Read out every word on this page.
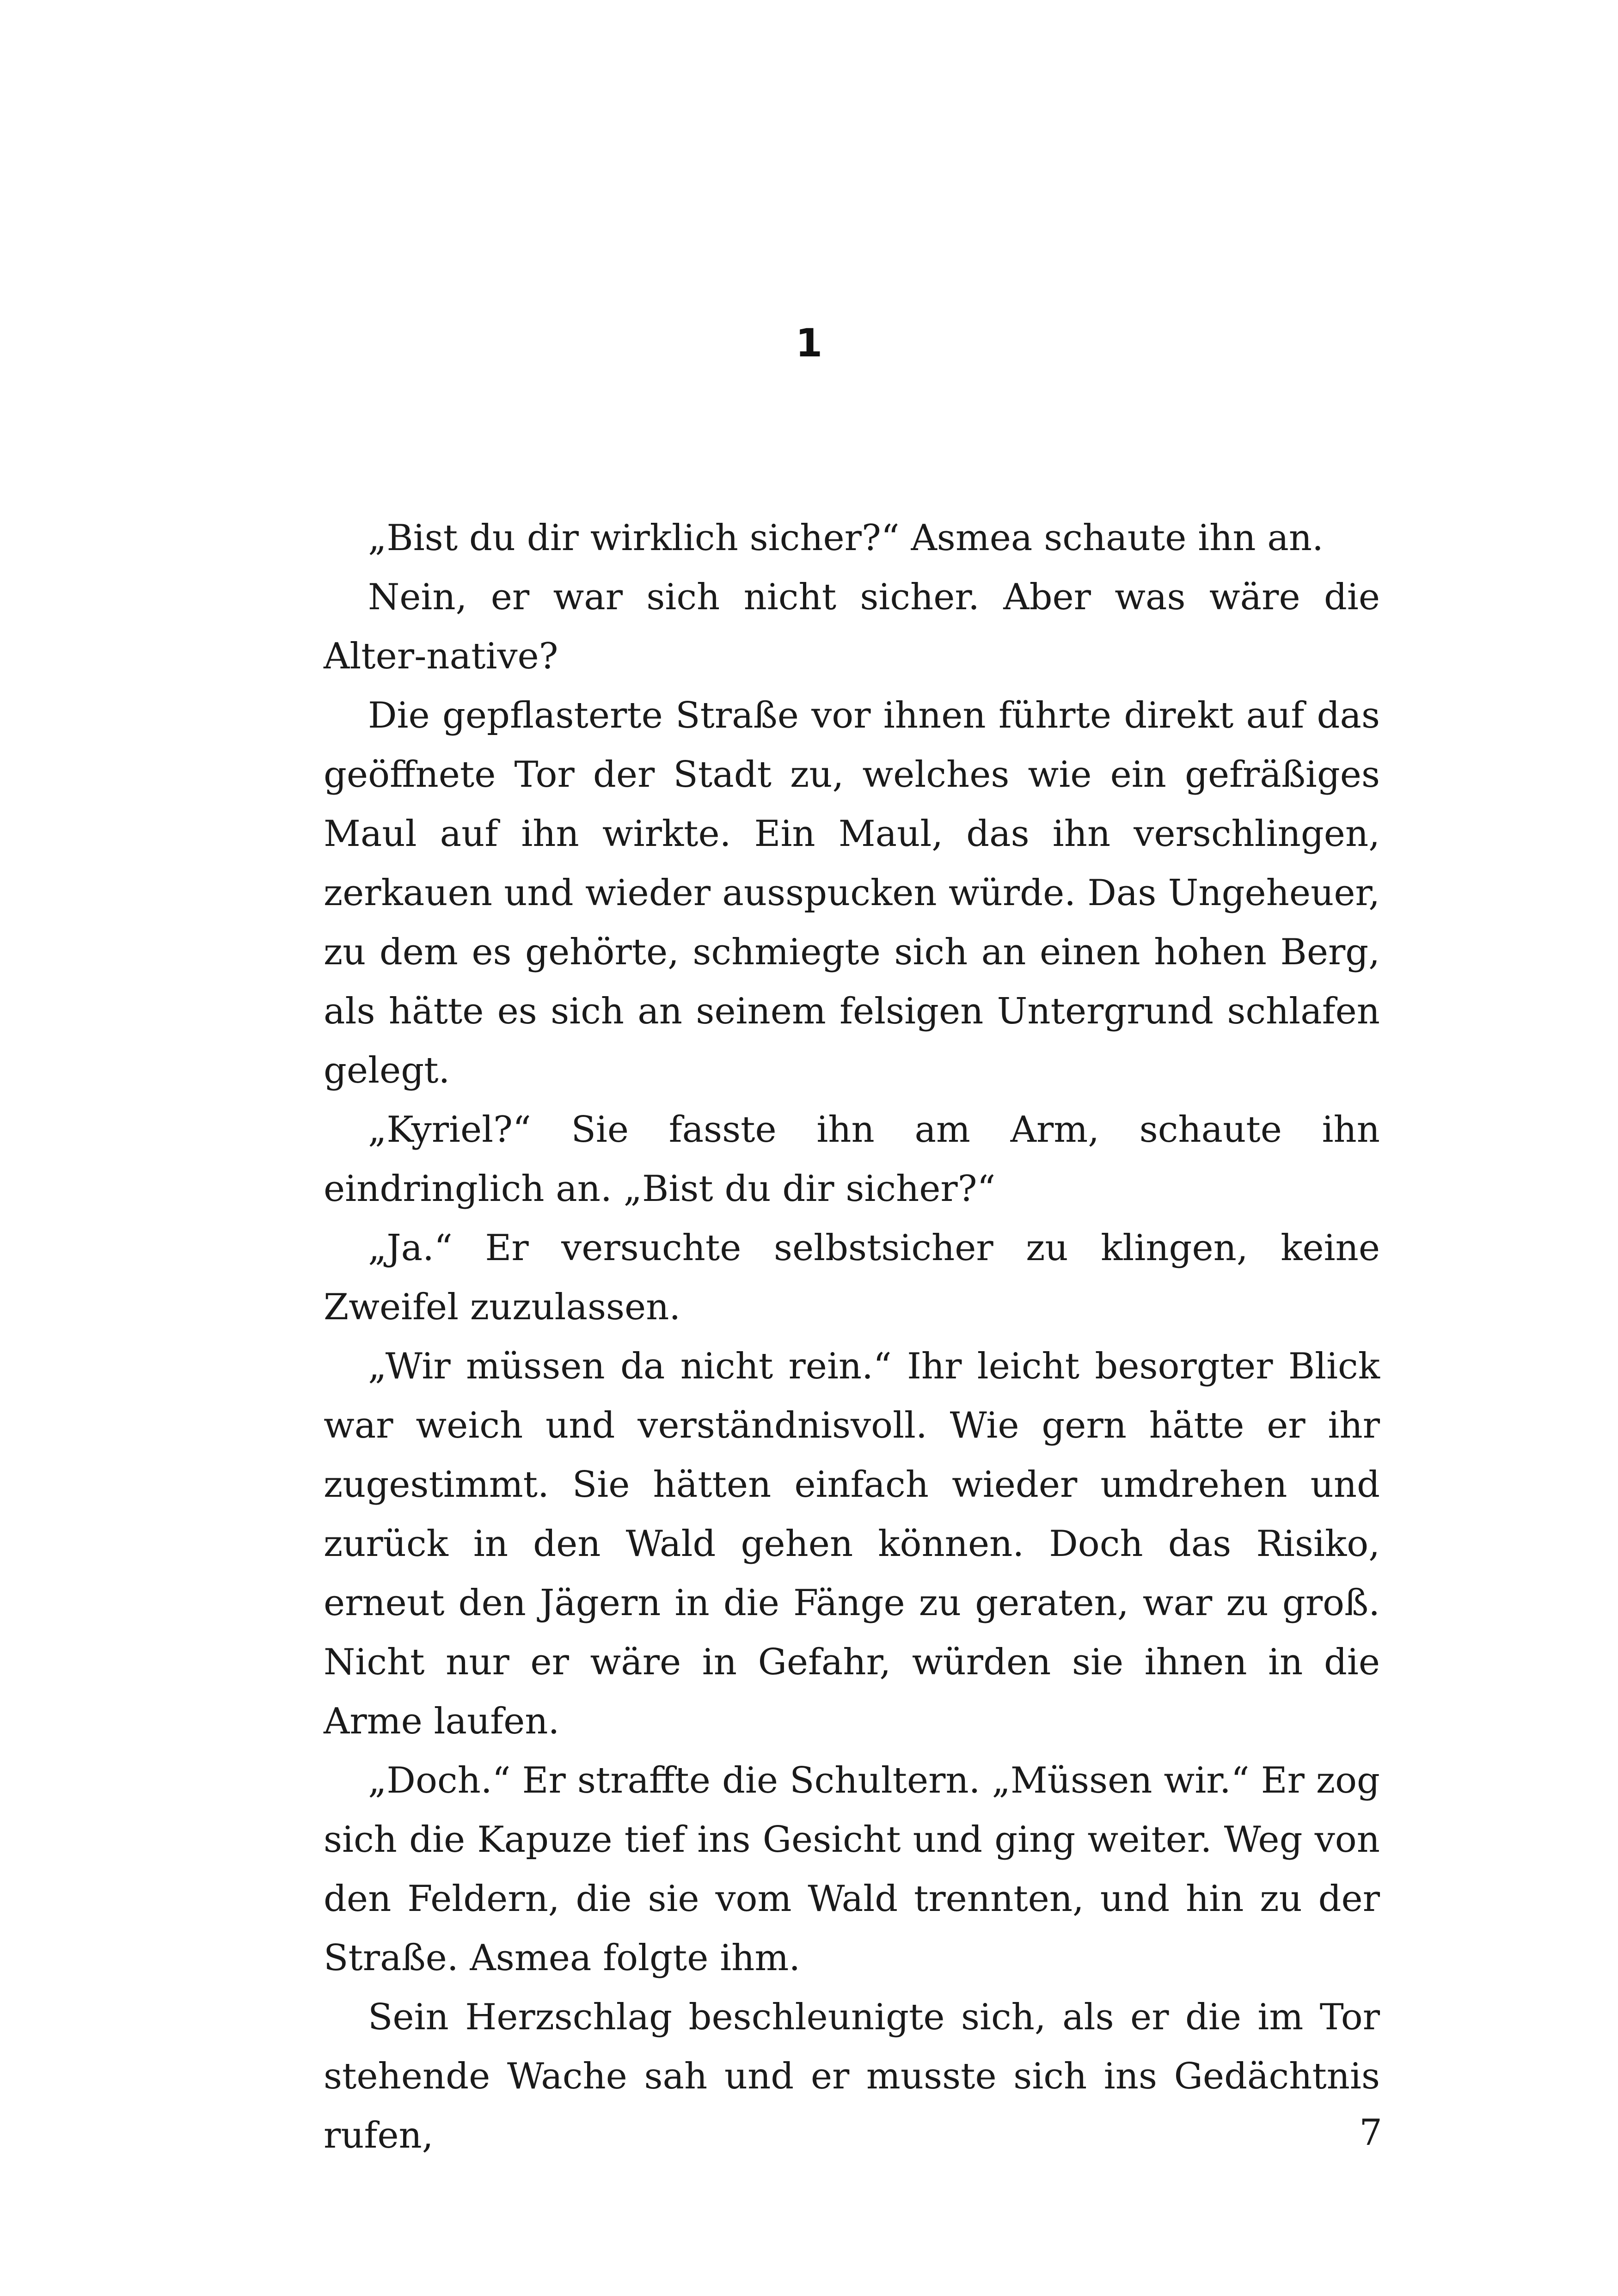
1

„Bist du dir wirklich sicher?“ Asmea schaute ihn an.

Nein, er war sich nicht sicher. Aber was wäre die Alter-native?

Die gepflasterte Straße vor ihnen führte direkt auf das geöffnete Tor der Stadt zu, welches wie ein gefräßiges Maul auf ihn wirkte. Ein Maul, das ihn verschlingen, zerkauen und wieder ausspucken würde. Das Ungeheuer, zu dem es gehörte, schmiegte sich an einen hohen Berg, als hätte es sich an seinem felsigen Untergrund schlafen gelegt.

„Kyriel?“ Sie fasste ihn am Arm, schaute ihn eindringlich an. „Bist du dir sicher?“

„Ja.“ Er versuchte selbstsicher zu klingen, keine Zweifel zuzulassen.

„Wir müssen da nicht rein.“ Ihr leicht besorgter Blick war weich und verständnisvoll. Wie gern hätte er ihr zugestimmt. Sie hätten einfach wieder umdrehen und zurück in den Wald gehen können. Doch das Risiko, erneut den Jägern in die Fänge zu geraten, war zu groß. Nicht nur er wäre in Gefahr, würden sie ihnen in die Arme laufen.

„Doch.“ Er straffte die Schultern. „Müssen wir.“ Er zog sich die Kapuze tief ins Gesicht und ging weiter. Weg von den Feldern, die sie vom Wald trennten, und hin zu der Straße. Asmea folgte ihm.

Sein Herzschlag beschleunigte sich, als er die im Tor stehende Wache sah und er musste sich ins Gedächtnis rufen,	7
